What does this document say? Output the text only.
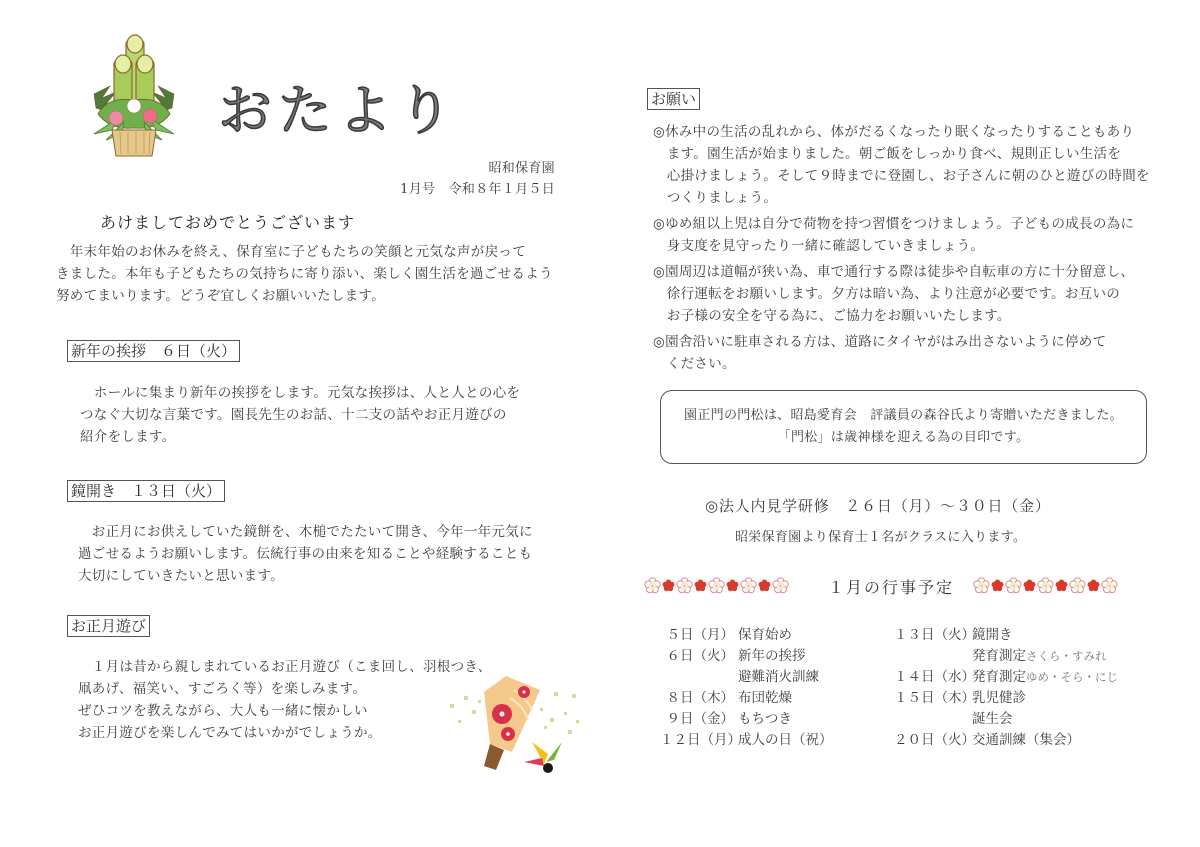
おたより
昭和保育園
1月号　令和８年１月５日
あけましておめでとうございます
　年末年始のお休みを終え、保育室に子どもたちの笑顔と元気な声が戻って
きました。本年も子どもたちの気持ちに寄り添い、楽しく園生活を過ごせるよう
努めてまいります。どうぞ宜しくお願いいたします。
新年の挨拶　６日（火）
　ホールに集まり新年の挨拶をします。元気な挨拶は、人と人との心を
つなぐ大切な言葉です。園長先生のお話、十二支の話やお正月遊びの
紹介をします。
鏡開き　１３日（火）
　お正月にお供えしていた鏡餅を、木槌でたたいて開き、今年一年元気に
過ごせるようお願いします。伝統行事の由来を知ることや経験することも
大切にしていきたいと思います。
お正月遊び
　１月は昔から親しまれているお正月遊び（こま回し、羽根つき、
凧あげ、福笑い、すごろく等）を楽しみます。
ぜひコツを教えながら、大人も一緒に懐かしい
お正月遊びを楽しんでみてはいかがでしょうか。
お願い
◎休み中の生活の乱れから、体がだるくなったり眠くなったりすることもあり
　ます。園生活が始まりました。朝ご飯をしっかり食べ、規則正しい生活を
　心掛けましょう。そして９時までに登園し、お子さんに朝のひと遊びの時間を
　つくりましょう。
◎ゆめ組以上児は自分で荷物を持つ習慣をつけましょう。子どもの成長の為に
　身支度を見守ったり一緒に確認していきましょう。
◎園周辺は道幅が狭い為、車で通行する際は徒歩や自転車の方に十分留意し、
　徐行運転をお願いします。夕方は暗い為、より注意が必要です。お互いの
　お子様の安全を守る為に、ご協力をお願いいたします。
◎園舎沿いに駐車される方は、道路にタイヤがはみ出さないように停めて
　ください。
園正門の門松は、昭島愛育会　評議員の森谷氏より寄贈いただきました。
「門松」は歳神様を迎える為の目印です。
◎法人内見学研修　２６日（月）～３０日（金）
昭栄保育園より保育士１名がクラスに入ります。
１月の行事予定
５日（月） 保育始め
６日（火） 新年の挨拶
避難消火訓練
８日（木） 布団乾燥
９日（金） もちつき
１２日（月）
成人の日（祝）
１３日（火）
鏡開き
発育測定さくら・すみれ
１４日（水）
発育測定ゆめ・そら・にじ
１５日（木）
乳児健診
誕生会
２０日（火）
交通訓練（集会）
